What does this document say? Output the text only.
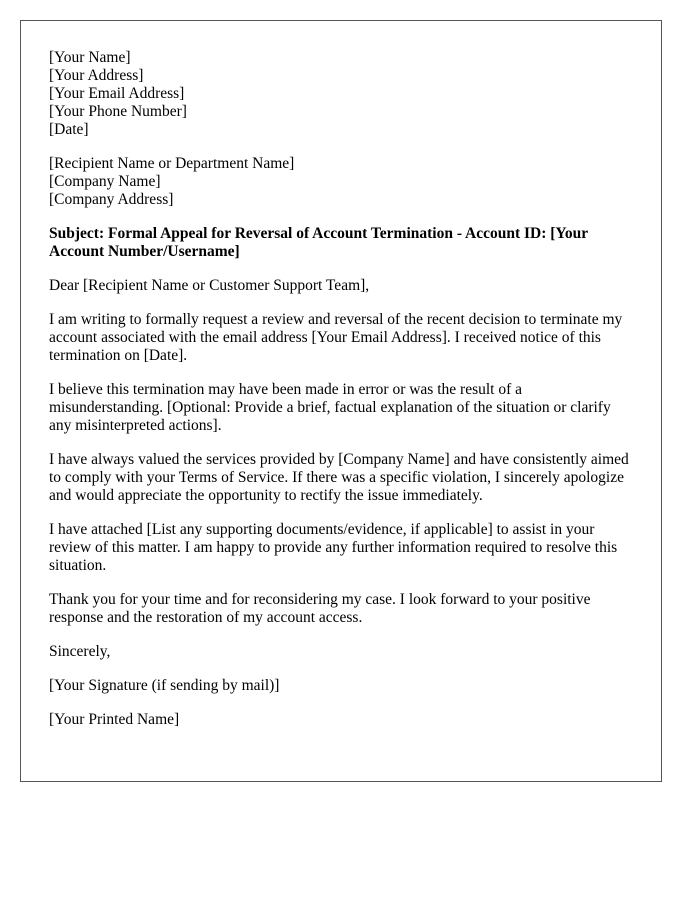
[Your Name]
[Your Address]
[Your Email Address]
[Your Phone Number]
[Date]
[Recipient Name or Department Name]
[Company Name]
[Company Address]

Subject: Formal Appeal for Reversal of Account Termination - Account ID: [Your Account Number/Username]

Dear [Recipient Name or Customer Support Team],

I am writing to formally request a review and reversal of the recent decision to terminate my account associated with the email address [Your Email Address]. I received notice of this termination on [Date].

I believe this termination may have been made in error or was the result of a misunderstanding. [Optional: Provide a brief, factual explanation of the situation or clarify any misinterpreted actions].

I have always valued the services provided by [Company Name] and have consistently aimed to comply with your Terms of Service. If there was a specific violation, I sincerely apologize and would appreciate the opportunity to rectify the issue immediately.

I have attached [List any supporting documents/evidence, if applicable] to assist in your review of this matter. I am happy to provide any further information required to resolve this situation.

Thank you for your time and for reconsidering my case. I look forward to your positive response and the restoration of my account access.

Sincerely,

[Your Signature (if sending by mail)]

[Your Printed Name]
